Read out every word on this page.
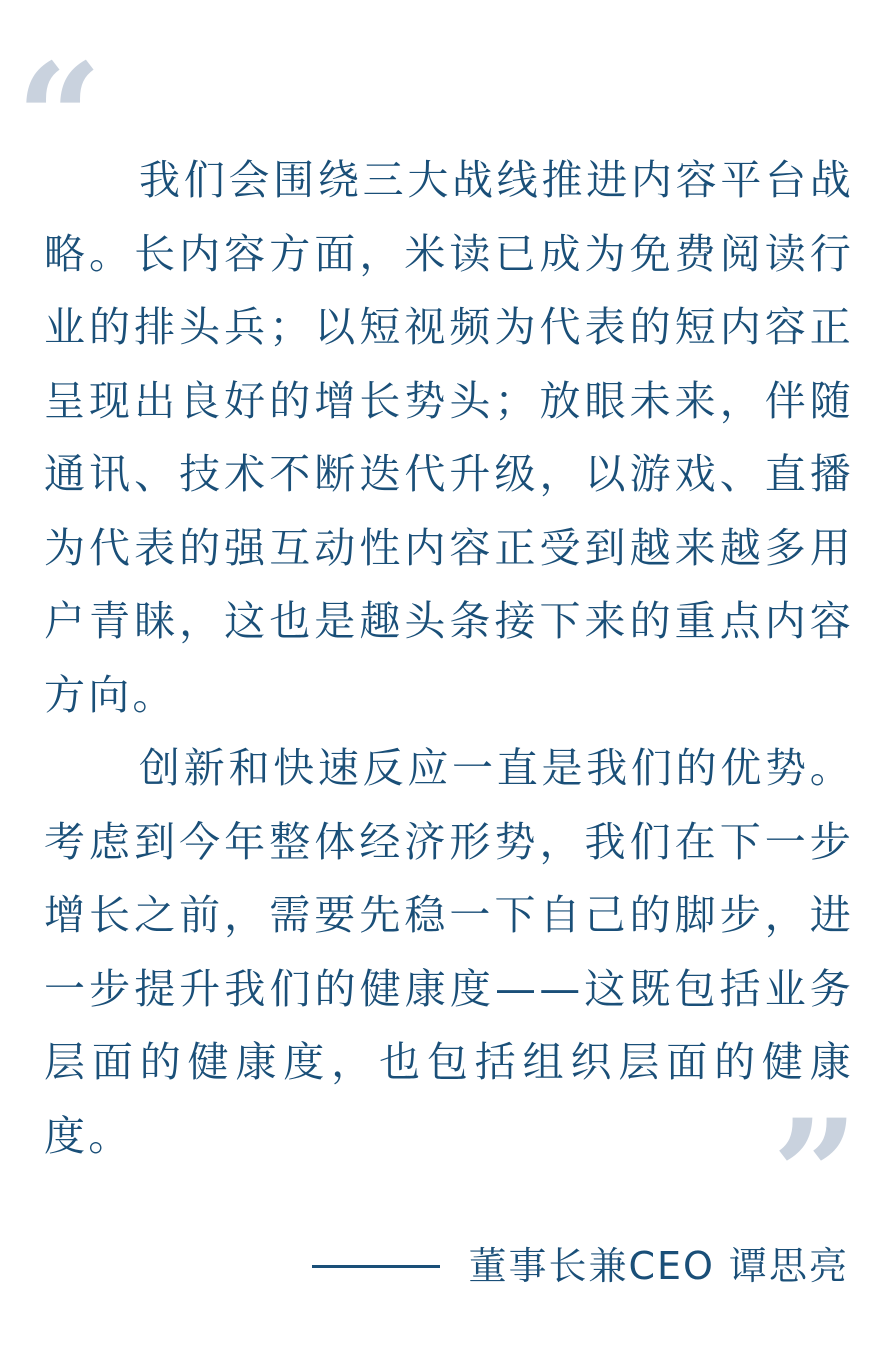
“	我们会围绕三大战线推进内容平台战略。长内容方面，米读已成为免费阅读行业的排头兵；以短视频为代表的短内容正呈现出良好的增长势头；放眼未来，伴随通讯、技术不断迭代升级，以游戏、直播为代表的强互动性内容正受到越来越多用户青睐，这也是趣头条接下来的重点内容方向。

创新和快速反应一直是我们的优势。考虑到今年整体经济形势，我们在下一步增长之前，需要先稳一下自己的脚步，进一步提升我们的健康度——这既包括业务层面的健康度，也包括组织层面的健康度。	”
董事长兼CEO 谭思亮
